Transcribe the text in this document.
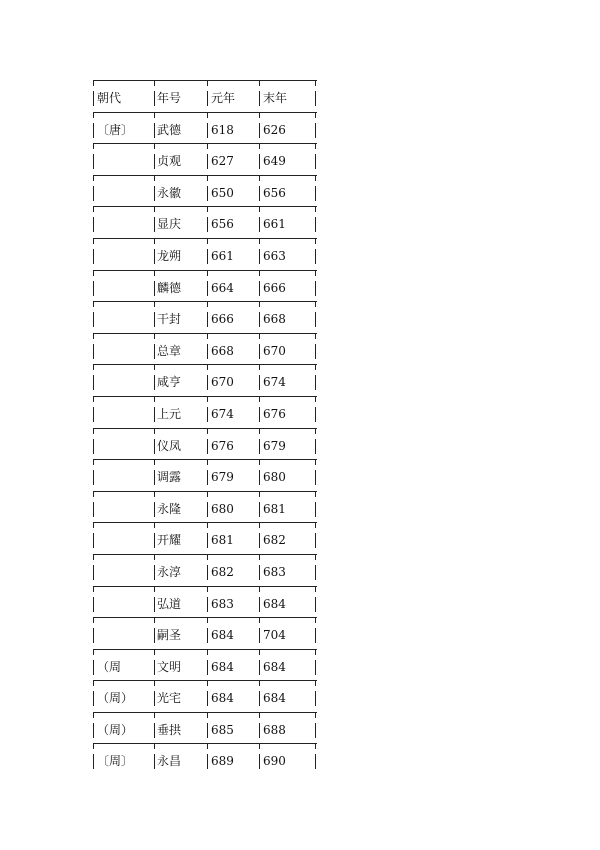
朝代	年号 元年 末年
〔唐〕 武德 618 626
贞观 627 649
永徽 650 656
显庆 656 661
龙朔 661 663
麟德 664 666
干封 666 668
总章 668 670
咸亨 670 674
上元 674 676
仪凤 676 679
调露 679 680
永隆 680 681
开耀 681 682
永淳 682 683
弘道 683 684
嗣圣 684 704
（周	文明 684 684
（周） 光宅 684 684
（周） 垂拱 685 688
〔周〕 永昌 689 690
